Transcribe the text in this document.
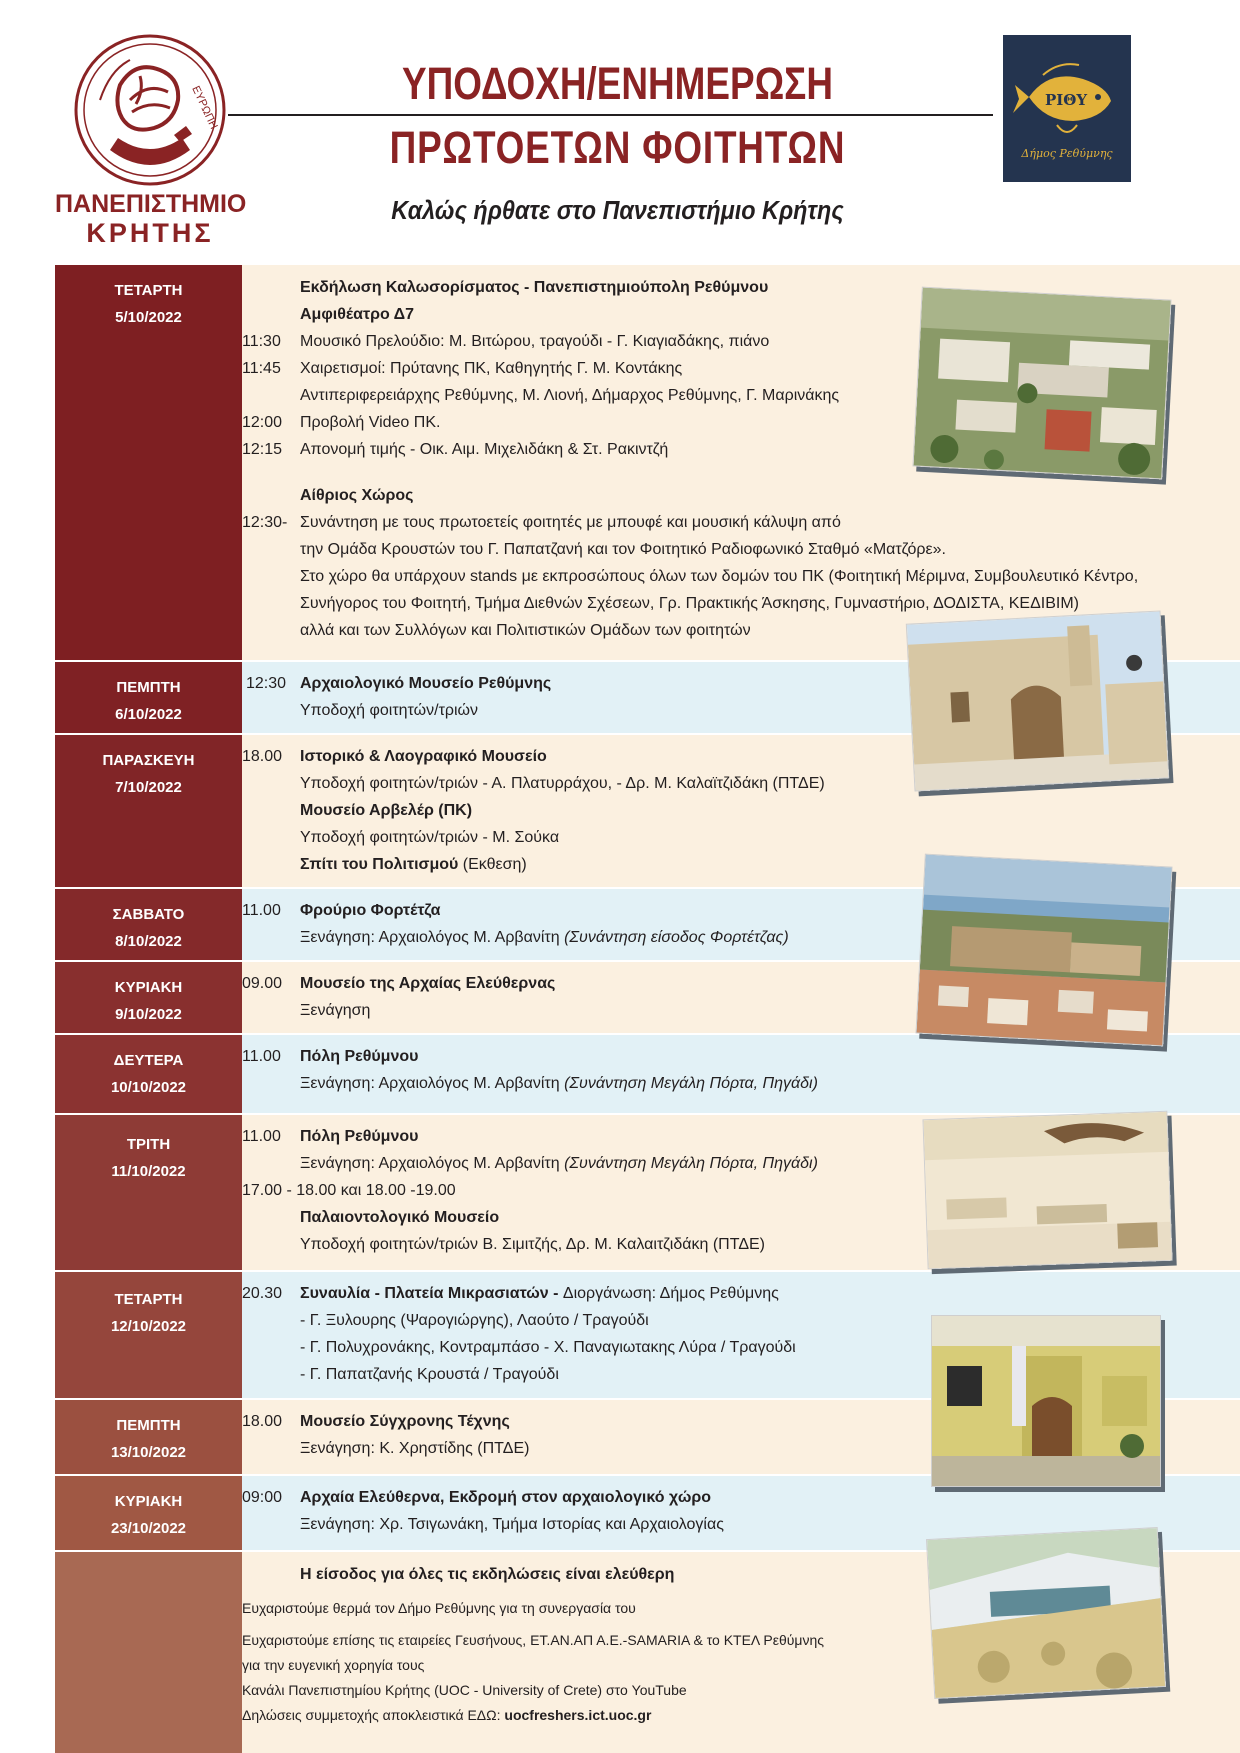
ΕΥΡΩΠΗ
ΠΑΝΕΠΙΣΤΗΜΙΟ
ΚΡΗΤΗΣ
ΥΠΟΔΟΧΗ/ΕΝΗΜΕΡΩΣΗ
ΠΡΩΤΟΕΤΩΝ ΦΟΙΤΗΤΩΝ
Καλώς ήρθατε στο Πανεπιστήμιο Κρήτης
ΡΙΘΥ
Δήμος Ρεθύμνης
ΤΕΤΑΡΤΗ
5/10/2022
Εκδήλωση Καλωσορίσματος - Πανεπιστημιούπολη Ρεθύμνου
Αμφιθέατρο Δ7
11:30	Μουσικό Πρελούδιο: Μ. Βιτώρου, τραγούδι - Γ. Κιαγιαδάκης, πιάνο
11:45	Χαιρετισμοί: Πρύτανης ΠΚ, Καθηγητής Γ. Μ. Κοντάκης
Αντιπεριφερειάρχης Ρεθύμνης, Μ. Λιονή, Δήμαρχος Ρεθύμνης, Γ. Μαρινάκης
12:00	Προβολή Video ΠΚ.
12:15	Απονομή τιμής - Οικ. Αιμ. Μιχελιδάκη & Στ. Ρακιντζή
Αίθριος Χώρος
12:30- Συνάντηση με τους πρωτοετείς φοιτητές με μπουφέ και μουσική κάλυψη από
την Ομάδα Κρουστών του Γ. Παπατζανή και τον Φοιτητικό Ραδιοφωνικό Σταθμό «Ματζόρε».
Στο χώρο θα υπάρχουν stands με εκπροσώπους όλων των δομών του ΠΚ (Φοιτητική Μέριμνα, Συμβουλευτικό Κέντρο,
Συνήγορος του Φοιτητή, Τμήμα Διεθνών Σχέσεων, Γρ. Πρακτικής Άσκησης, Γυμναστήριο, ΔΟΔΙΣΤΑ, ΚΕΔΙΒΙΜ)
αλλά και των Συλλόγων και Πολιτιστικών Ομάδων των φοιτητών
ΠΕΜΠΤΗ
6/10/2022
12:30 Αρχαιολογικό Μουσείο Ρεθύμνης
Υποδοχή φοιτητών/τριών
ΠΑΡΑΣΚΕΥΗ
7/10/2022
18.00	Ιστορικό & Λαογραφικό Μουσείο
Υποδοχή φοιτητών/τριών - Α. Πλατυρράχου, - Δρ. Μ. Καλαϊτζιδάκη (ΠΤΔΕ)
Μουσείο Αρβελέρ (ΠΚ)
Υποδοχή φοιτητών/τριών - Μ. Σούκα
Σπίτι του Πολιτισμού (Εκθεση)
ΣΑΒΒΑΤΟ
8/10/2022
11.00	Φρούριο Φορτέτζα
Ξενάγηση: Αρχαιολόγος Μ. Αρβανίτη (Συνάντηση είσοδος Φορτέτζας)
ΚΥΡΙΑΚΗ
9/10/2022
09.00	Μουσείο της Αρχαίας Ελεύθερνας
Ξενάγηση
ΔΕΥΤΕΡΑ
10/10/2022
11.00	Πόλη Ρεθύμνου
Ξενάγηση: Αρχαιολόγος Μ. Αρβανίτη (Συνάντηση Μεγάλη Πόρτα, Πηγάδι)
ΤΡΙΤΗ
11/10/2022
11.00	Πόλη Ρεθύμνου
Ξενάγηση: Αρχαιολόγος Μ. Αρβανίτη (Συνάντηση Μεγάλη Πόρτα, Πηγάδι)
17.00 - 18.00 και 18.00 -19.00
Παλαιοντολογικό Μουσείο
Υποδοχή φοιτητών/τριών Β. Σιμιτζής, Δρ. Μ. Καλαιτζιδάκη (ΠΤΔΕ)
ΤΕΤΑΡΤΗ
12/10/2022
20.30	Συναυλία - Πλατεία Μικρασιατών - Διοργάνωση: Δήμος Ρεθύμνης
- Γ. Ξυλουρης (Ψαρογιώργης), Λαούτο / Τραγούδι
- Γ. Πολυχρονάκης, Κοντραμπάσο - Χ. Παναγιωτακης Λύρα / Τραγούδι
- Γ. Παπατζανής Κρουστά / Τραγούδι
ΠΕΜΠΤΗ
13/10/2022
18.00	Μουσείο Σύγχρονης Τέχνης
Ξενάγηση: Κ. Χρηστίδης (ΠΤΔΕ)
ΚΥΡΙΑΚΗ
23/10/2022
09:00	Αρχαία Ελεύθερνα, Εκδρομή στον αρχαιολογικό χώρο
Ξενάγηση: Χρ. Τσιγωνάκη, Τμήμα Ιστορίας και Αρχαιολογίας
Η είσοδος για όλες τις εκδηλώσεις είναι ελεύθερη
Ευχαριστούμε θερμά τον Δήμο Ρεθύμνης για τη συνεργασία του
Ευχαριστούμε επίσης τις εταιρείες Γευσήνους, ΕΤ.ΑΝ.ΑΠ Α.Ε.-SAMARIA & το ΚΤΕΛ Ρεθύμνης
για την ευγενική χορηγία τους
Κανάλι Πανεπιστημίου Κρήτης (UOC - University of Crete) στο YouTube
Δηλώσεις συμμετοχής αποκλειστικά ΕΔΩ: uocfreshers.ict.uoc.gr
